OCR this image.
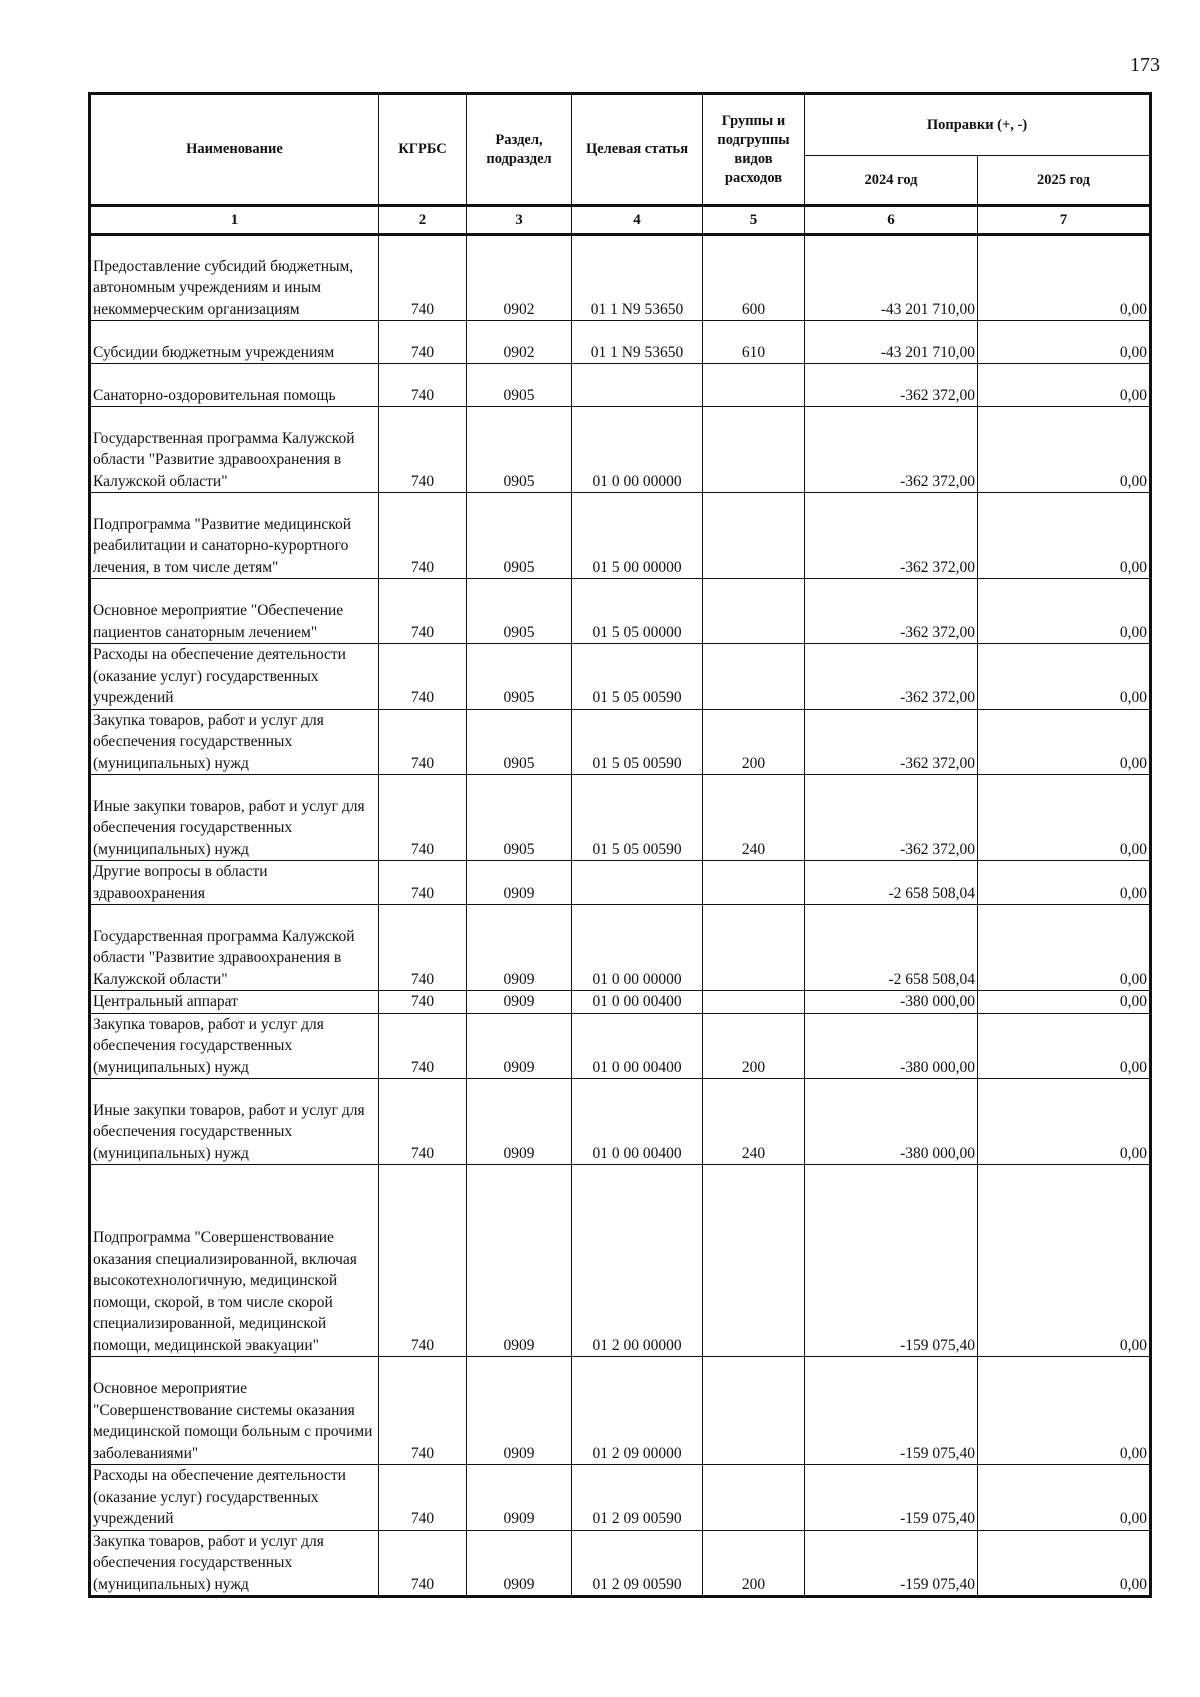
173
Наименование	КГРБС	Раздел, подраздел	Целевая статья	Группы и подгруппы видов расходов	Поправки (+, -)	
					2024 год	2025 год
1	2	3	4	5	6	7
Предоставление субсидий бюджетным, автономным учреждениям и иным некоммерческим организациям	740	0902	01 1 N9 53650	600	-43 201 710,00	0,00
Субсидии бюджетным учреждениям	740	0902	01 1 N9 53650	610	-43 201 710,00	0,00
Санаторно-оздоровительная помощь	740	0905			-362 372,00	0,00
Государственная программа Калужской области "Развитие здравоохранения в Калужской области"	740	0905	01 0 00 00000		-362 372,00	0,00
Подпрограмма "Развитие медицинской реабилитации и санаторно-курортного лечения, в том числе детям"	740	0905	01 5 00 00000		-362 372,00	0,00
Основное мероприятие "Обеспечение пациентов санаторным лечением"	740	0905	01 5 05 00000		-362 372,00	0,00
Расходы на обеспечение деятельности (оказание услуг) государственных учреждений	740	0905	01 5 05 00590		-362 372,00	0,00
Закупка товаров, работ и услуг для обеспечения государственных (муниципальных) нужд	740	0905	01 5 05 00590	200	-362 372,00	0,00
Иные закупки товаров, работ и услуг для обеспечения государственных (муниципальных) нужд	740	0905	01 5 05 00590	240	-362 372,00	0,00
Другие вопросы в области здравоохранения	740	0909			-2 658 508,04	0,00
Государственная программа Калужской области "Развитие здравоохранения в Калужской области"	740	0909	01 0 00 00000		-2 658 508,04	0,00
Центральный аппарат	740	0909	01 0 00 00400		-380 000,00	0,00
Закупка товаров, работ и услуг для обеспечения государственных (муниципальных) нужд	740	0909	01 0 00 00400	200	-380 000,00	0,00
Иные закупки товаров, работ и услуг для обеспечения государственных (муниципальных) нужд	740	0909	01 0 00 00400	240	-380 000,00	0,00
Подпрограмма "Совершенствование оказания специализированной, включая высокотехнологичную, медицинской помощи, скорой, в том числе скорой специализированной, медицинской помощи, медицинской эвакуации"	740	0909	01 2 00 00000		-159 075,40	0,00
Основное мероприятие "Совершенствование системы оказания медицинской помощи больным с прочими заболеваниями"	740	0909	01 2 09 00000		-159 075,40	0,00
Расходы на обеспечение деятельности (оказание услуг) государственных учреждений	740	0909	01 2 09 00590		-159 075,40	0,00
Закупка товаров, работ и услуг для обеспечения государственных (муниципальных) нужд	740	0909	01 2 09 00590	200	-159 075,40	0,00
